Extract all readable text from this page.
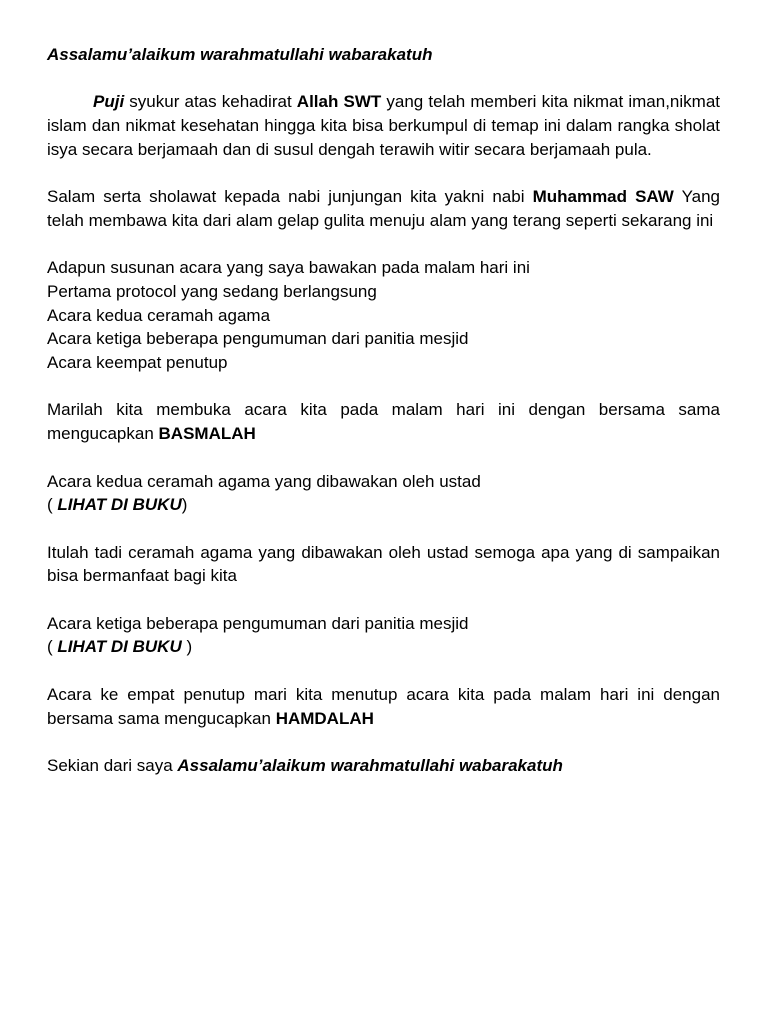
Assalamu’alaikum warahmatullahi wabarakatuh

Puji syukur atas kehadirat Allah SWT yang telah memberi kita nikmat iman,nikmat islam dan nikmat kesehatan hingga kita bisa berkumpul di temap ini dalam rangka sholat isya secara berjamaah dan di susul dengah terawih witir secara berjamaah pula.

Salam serta sholawat kepada nabi junjungan kita yakni nabi Muhammad SAW Yang telah membawa kita dari alam gelap gulita menuju alam yang terang seperti sekarang ini

Adapun susunan acara yang saya bawakan pada malam hari ini
Pertama protocol yang sedang berlangsung
Acara kedua ceramah agama
Acara ketiga beberapa pengumuman dari panitia mesjid
Acara keempat penutup

Marilah kita membuka acara kita pada malam hari ini dengan bersama sama mengucapkan BASMALAH

Acara kedua ceramah agama yang dibawakan oleh ustad
( LIHAT DI BUKU)

Itulah tadi ceramah agama yang dibawakan oleh ustad semoga apa yang di sampaikan bisa bermanfaat bagi kita

Acara ketiga beberapa pengumuman dari panitia mesjid
( LIHAT DI BUKU )

Acara ke empat penutup mari kita menutup acara kita pada malam hari ini dengan bersama sama mengucapkan HAMDALAH

Sekian dari saya Assalamu’alaikum warahmatullahi wabarakatuh
